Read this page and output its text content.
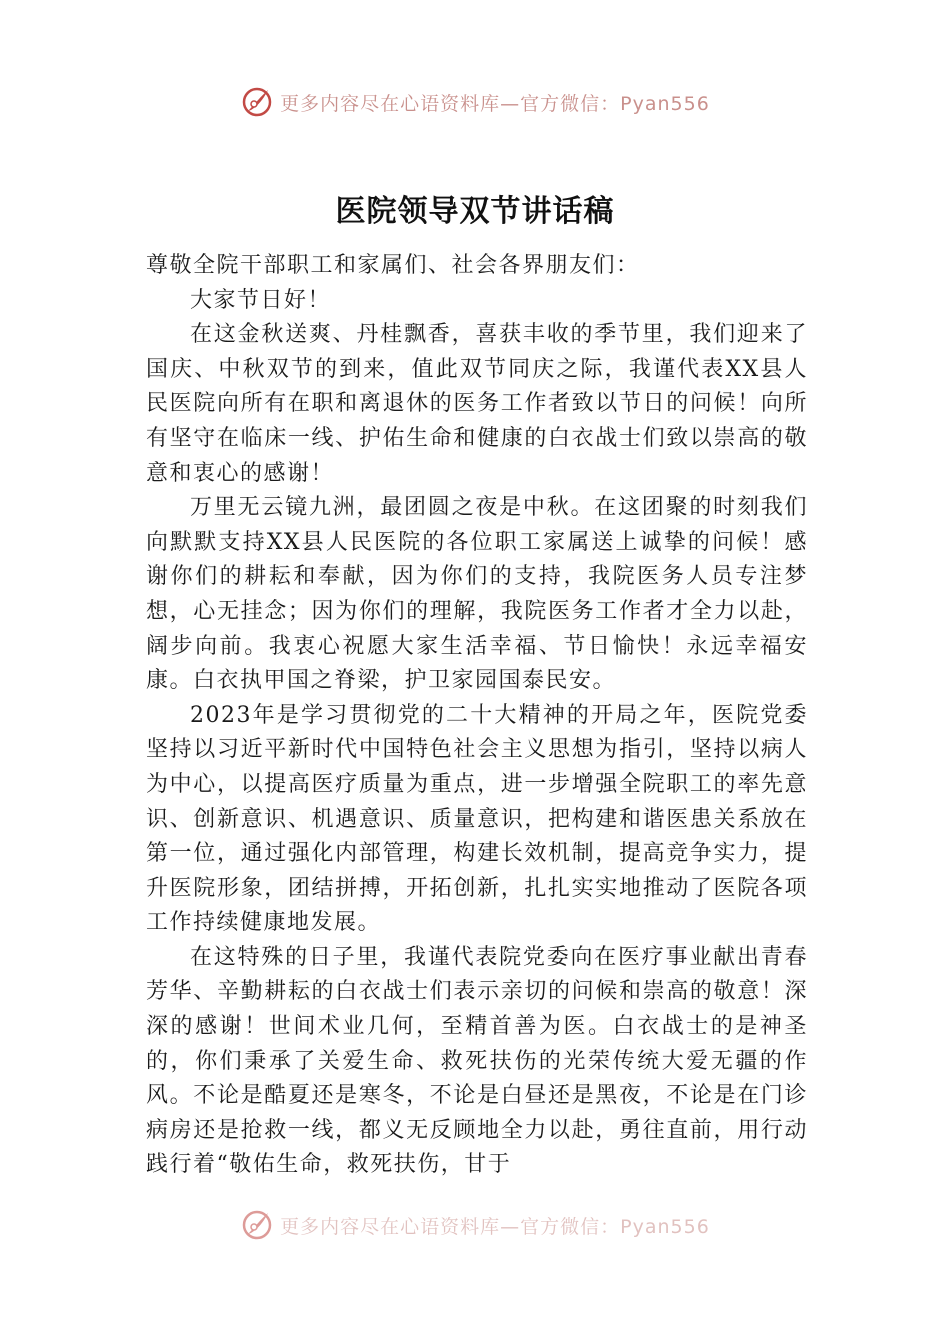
更多内容尽在心语资料库—官方微信：Pyan556
医院领导双节讲话稿

尊敬全院干部职工和家属们、社会各界朋友们：

大家节日好！

在这金秋送爽、丹桂飘香，喜获丰收的季节里，我们迎来了国庆、中秋双节的到来，值此双节同庆之际，我谨代表XX县人民医院向所有在职和离退休的医务工作者致以节日的问候！向所有坚守在临床一线、护佑生命和健康的白衣战士们致以崇高的敬意和衷心的感谢！

万里无云镜九洲，最团圆之夜是中秋。在这团聚的时刻我们向默默支持XX县人民医院的各位职工家属送上诚挚的问候！感谢你们的耕耘和奉献，因为你们的支持，我院医务人员专注梦想，心无挂念；因为你们的理解，我院医务工作者才全力以赴，阔步向前。我衷心祝愿大家生活幸福、节日愉快！永远幸福安康。白衣执甲国之脊梁，护卫家园国泰民安。

2023年是学习贯彻党的二十大精神的开局之年，医院党委坚持以习近平新时代中国特色社会主义思想为指引，坚持以病人为中心，以提高医疗质量为重点，进一步增强全院职工的率先意识、创新意识、机遇意识、质量意识，把构建和谐医患关系放在第一位，通过强化内部管理，构建长效机制，提高竞争实力，提升医院形象，团结拼搏，开拓创新，扎扎实实地推动了医院各项工作持续健康地发展。

在这特殊的日子里，我谨代表院党委向在医疗事业献出青春芳华、辛勤耕耘的白衣战士们表示亲切的问候和崇高的敬意！深深的感谢！世间术业几何，至精首善为医。白衣战士的是神圣的，你们秉承了关爱生命、救死扶伤的光荣传统大爱无疆的作风。不论是酷夏还是寒冬，不论是白昼还是黑夜，不论是在门诊病房还是抢救一线，都义无反顾地全力以赴，勇往直前，用行动践行着“敬佑生命，救死扶伤，甘于

更多内容尽在心语资料库—官方微信：Pyan556
